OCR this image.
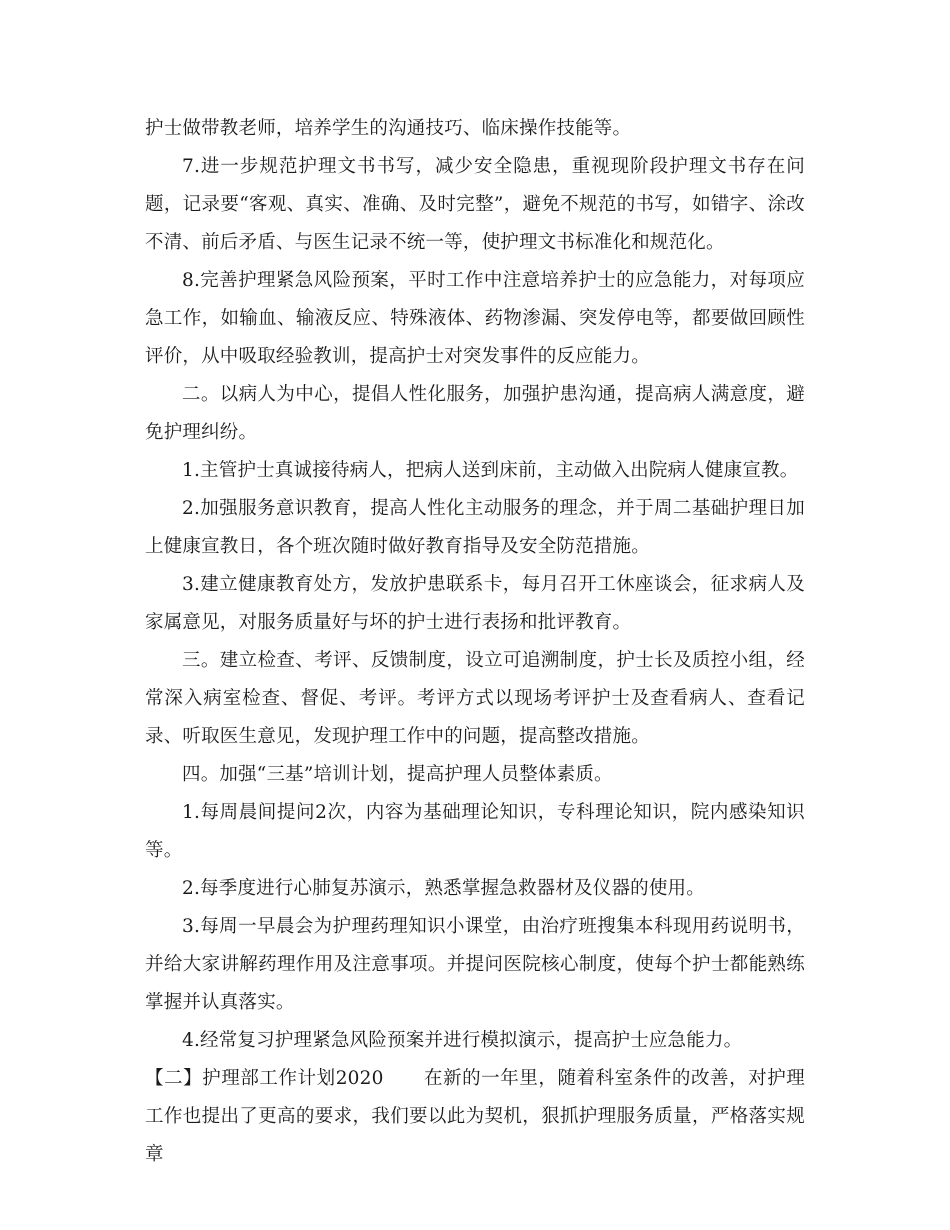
护士做带教老师，培养学生的沟通技巧、临床操作技能等。

7.进一步规范护理文书书写，减少安全隐患，重视现阶段护理文书存在问题，记录要“客观、真实、准确、及时完整”，避免不规范的书写，如错字、涂改不清、前后矛盾、与医生记录不统一等，使护理文书标准化和规范化。

8.完善护理紧急风险预案，平时工作中注意培养护士的应急能力，对每项应急工作，如输血、输液反应、特殊液体、药物渗漏、突发停电等，都要做回顾性评价，从中吸取经验教训，提高护士对突发事件的反应能力。

二。以病人为中心，提倡人性化服务，加强护患沟通，提高病人满意度，避免护理纠纷。

1.主管护士真诚接待病人，把病人送到床前，主动做入出院病人健康宣教。

2.加强服务意识教育，提高人性化主动服务的理念，并于周二基础护理日加上健康宣教日，各个班次随时做好教育指导及安全防范措施。

3.建立健康教育处方，发放护患联系卡，每月召开工休座谈会，征求病人及家属意见，对服务质量好与坏的护士进行表扬和批评教育。

三。建立检查、考评、反馈制度，设立可追溯制度，护士长及质控小组，经常深入病室检查、督促、考评。考评方式以现场考评护士及查看病人、查看记录、听取医生意见，发现护理工作中的问题，提高整改措施。

四。加强“三基”培训计划，提高护理人员整体素质。

1.每周晨间提问2次，内容为基础理论知识，专科理论知识，院内感染知识等。

2.每季度进行心肺复苏演示，熟悉掌握急救器材及仪器的使用。

3.每周一早晨会为护理药理知识小课堂，由治疗班搜集本科现用药说明书，并给大家讲解药理作用及注意事项。并提问医院核心制度，使每个护士都能熟练掌握并认真落实。

4.经常复习护理紧急风险预案并进行模拟演示，提高护士应急能力。

【二】护理部工作计划2020 在新的一年里，随着科室条件的改善，对护理工作也提出了更高的要求，我们要以此为契机，狠抓护理服务质量，严格落实规章
